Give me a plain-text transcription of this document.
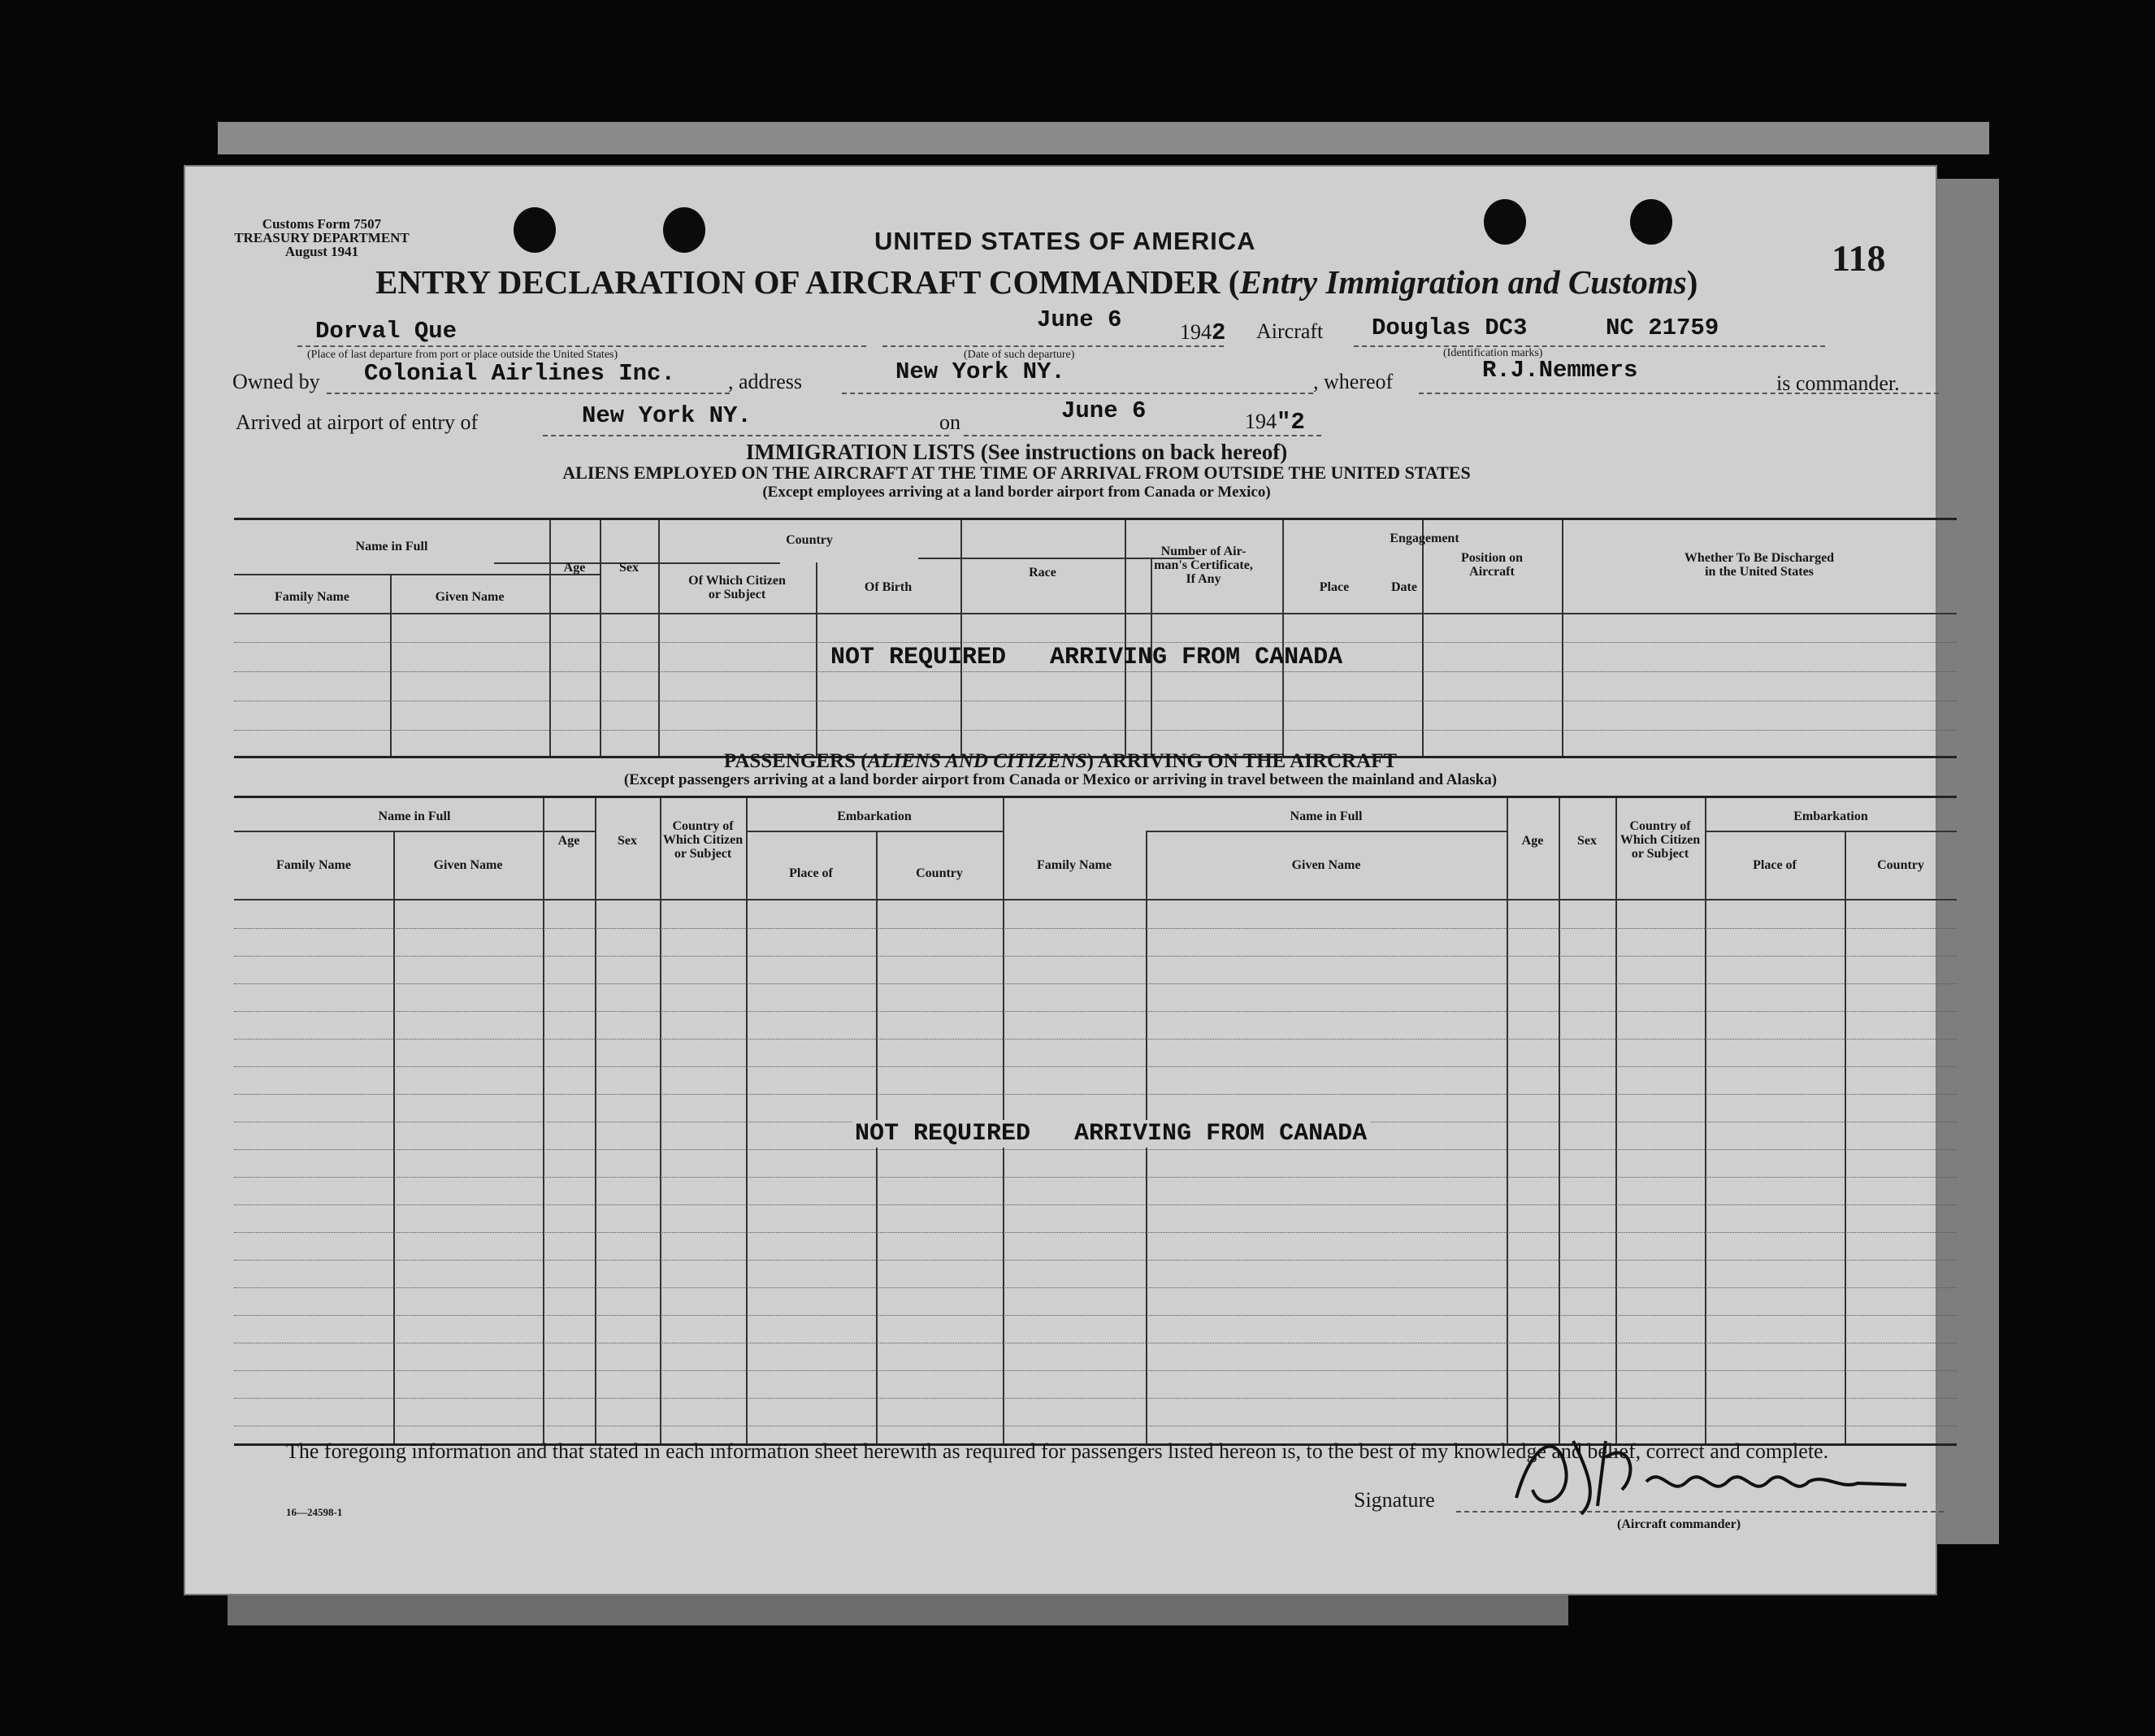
Customs Form 7507
TREASURY DEPARTMENT
August 1941	UNITED STATES OF AMERICA	118
ENTRY DECLARATION OF AIRCRAFT COMMANDER (Entry Immigration and Customs)
Dorval Que
(Place of last departure from port or place outside the United States)
June 6	1942
(Date of such departure)
Aircraft Douglas DC3	NC 21759
(Identification marks)
Owned by Colonial Airlines Inc.	, address	New York NY.	, whereof	R.J.Nemmers	is commander.
Arrived at airport of entry of	New York NY.	on	June 6	194"2
IMMIGRATION LISTS (See instructions on back hereof)
ALIENS EMPLOYED ON THE AIRCRAFT AT THE TIME OF ARRIVAL FROM OUTSIDE THE UNITED STATES
(Except employees arriving at a land border airport from Canada or Mexico)
Name in Full
Family Name	Given Name
Age	Sex
Country
Of Which Citizen
or Subject
Of Birth
Race
Number of Air-
man's Certificate,
If Any
Engagement
Place	Date
Position on
Aircraft
Whether To Be Discharged
in the United States
NOT REQUIRED   ARRIVING FROM CANADA
PASSENGERS (ALIENS AND CITIZENS) ARRIVING ON THE AIRCRAFT
(Except passengers arriving at a land border airport from Canada or Mexico or arriving in travel between the mainland and Alaska)
Name in Full
Family Name	Given Name
Age	Sex
Country of
Which Citizen
or Subject
Embarkation
Place of	Country
Name in Full
Family Name	Given Name
Age	Sex
Country of
Which Citizen
or Subject
Embarkation
Place of	Country
NOT REQUIRED   ARRIVING FROM CANADA
The foregoing information and that stated in each information sheet herewith as required for passengers listed hereon is, to the best of my knowledge and belief, correct and complete.
Signature
(Aircraft commander)
16—24598-1
